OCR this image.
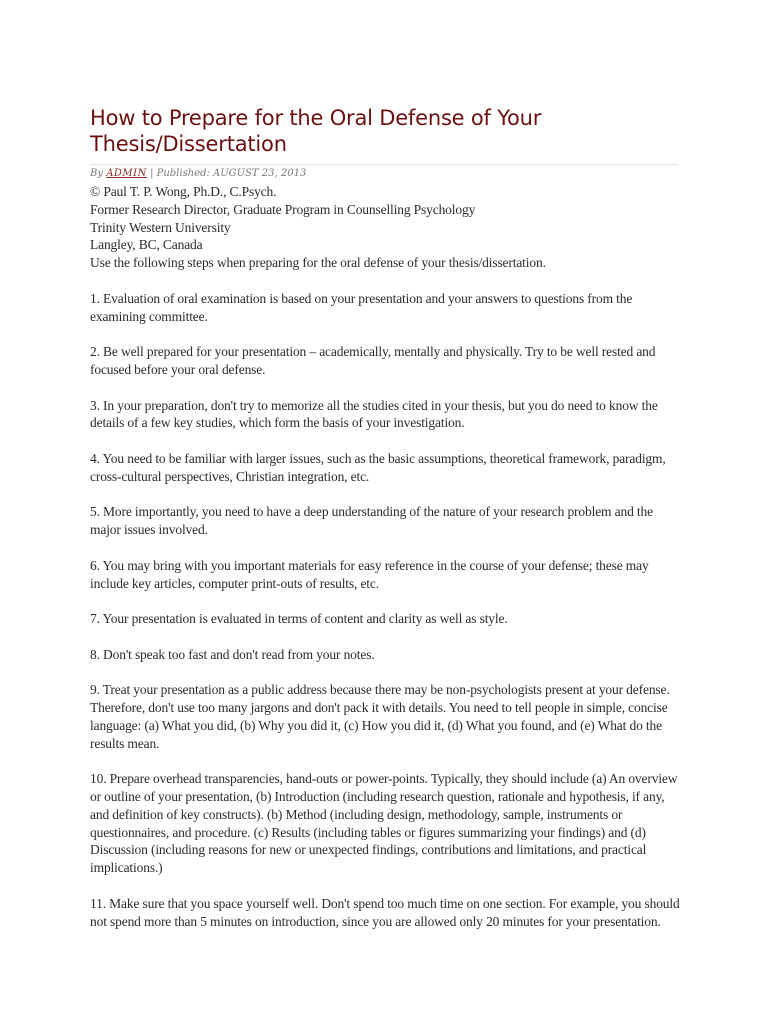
How to Prepare for the Oral Defense of Your
Thesis/Dissertation
By ADMIN | Published: AUGUST 23, 2013

© Paul T. P. Wong, Ph.D., C.Psych.
Former Research Director, Graduate Program in Counselling Psychology
Trinity Western University
Langley, BC, Canada
Use the following steps when preparing for the oral defense of your thesis/dissertation.

1. Evaluation of oral examination is based on your presentation and your answers to questions from the examining committee.

2. Be well prepared for your presentation – academically, mentally and physically. Try to be well rested and focused before your oral defense.

3. In your preparation, don't try to memorize all the studies cited in your thesis, but you do need to know the details of a few key studies, which form the basis of your investigation.

4. You need to be familiar with larger issues, such as the basic assumptions, theoretical framework, paradigm, cross-cultural perspectives, Christian integration, etc.

5. More importantly, you need to have a deep understanding of the nature of your research problem and the major issues involved.

6. You may bring with you important materials for easy reference in the course of your defense; these may include key articles, computer print-outs of results, etc.

7. Your presentation is evaluated in terms of content and clarity as well as style.

8. Don't speak too fast and don't read from your notes.

9. Treat your presentation as a public address because there may be non-psychologists present at your defense. Therefore, don't use too many jargons and don't pack it with details. You need to tell people in simple, concise language: (a) What you did, (b) Why you did it, (c) How you did it, (d) What you found, and (e) What do the results mean.

10. Prepare overhead transparencies, hand-outs or power-points. Typically, they should include (a) An overview or outline of your presentation, (b) Introduction (including research question, rationale and hypothesis, if any, and definition of key constructs). (b) Method (including design, methodology, sample, instruments or questionnaires, and procedure. (c) Results (including tables or figures summarizing your findings) and (d) Discussion (including reasons for new or unexpected findings, contributions and limitations, and practical implications.)

11. Make sure that you space yourself well. Don't spend too much time on one section. For example, you should not spend more than 5 minutes on introduction, since you are allowed only 20 minutes for your presentation.
